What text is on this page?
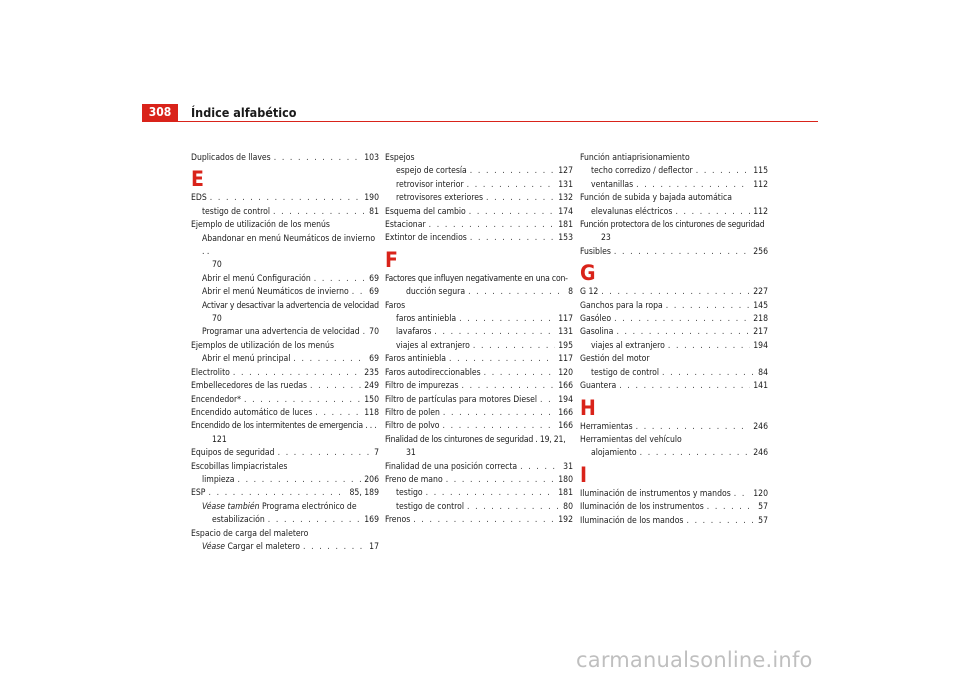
308	Índice alfabético
Duplicados de llaves . . .	103
E
EDS . . .	190
testigo de control . . .	81
Ejemplo de utilización de los menús
Abandonar en menú Neumáticos de invierno . .
70
Abrir el menú Configuración . . .	69
Abrir el menú Neumáticos de invierno . . . 69
Activar y desactivar la advertencia de velocidad
70
Programar una advertencia de velocidad . . . 70
Ejemplos de utilización de los menús
Abrir el menú principal . . .	69
Electrolito . . .	235
Embellecedores de las ruedas . . .	249
Encendedor* . . .	150
Encendido automático de luces . . .	118
Encendido de los intermitentes de emergencia . . .
121
Equipos de seguridad . . .	7
Escobillas limpiacristales
limpieza . . .	206
ESP . . .	85, 189
Véase también Programa electrónico de
estabilización . . .	169
Espacio de carga del maletero
Véase Cargar el maletero . . .	17
Espejos
espejo de cortesía . . .	127
retrovisor interior . . .	131
retrovisores exteriores . . .	132
Esquema del cambio . . .	174
Estacionar . . .	181
Extintor de incendios . . .	153
F
Factores que influyen negativamente en una con-
ducción segura . . .	8
Faros
faros antiniebla . . .	117
lavafaros . . .	131
viajes al extranjero . . .	195
Faros antiniebla . . .	117
Faros autodireccionables . . .	120
Filtro de impurezas . . .	166
Filtro de partículas para motores Diesel . . . 194
Filtro de polen . . .	166
Filtro de polvo . . .	166
Finalidad de los cinturones de seguridad . 19, 21,
31
Finalidad de una posición correcta . . .	31
Freno de mano . . .	180
testigo . . .	181
testigo de control . . .	80
Frenos . . .	192
Función antiaprisionamiento
techo corredizo / deflector . . .	115
ventanillas . . .	112
Función de subida y bajada automática
elevalunas eléctricos . . .	112
Función protectora de los cinturones de seguridad
23
Fusibles . . .	256
G
G 12 . . .	227
Ganchos para la ropa . . .	145
Gasóleo . . .	218
Gasolina . . .	217
viajes al extranjero . . .	194
Gestión del motor
testigo de control . . .	84
Guantera . . .	141
H
Herramientas . . .	246
Herramientas del vehículo
alojamiento . . .	246
I
Iluminación de instrumentos y mandos . . .	120
Iluminación de los instrumentos . . .	57
Iluminación de los mandos . . .	57
carmanualsonline.info
